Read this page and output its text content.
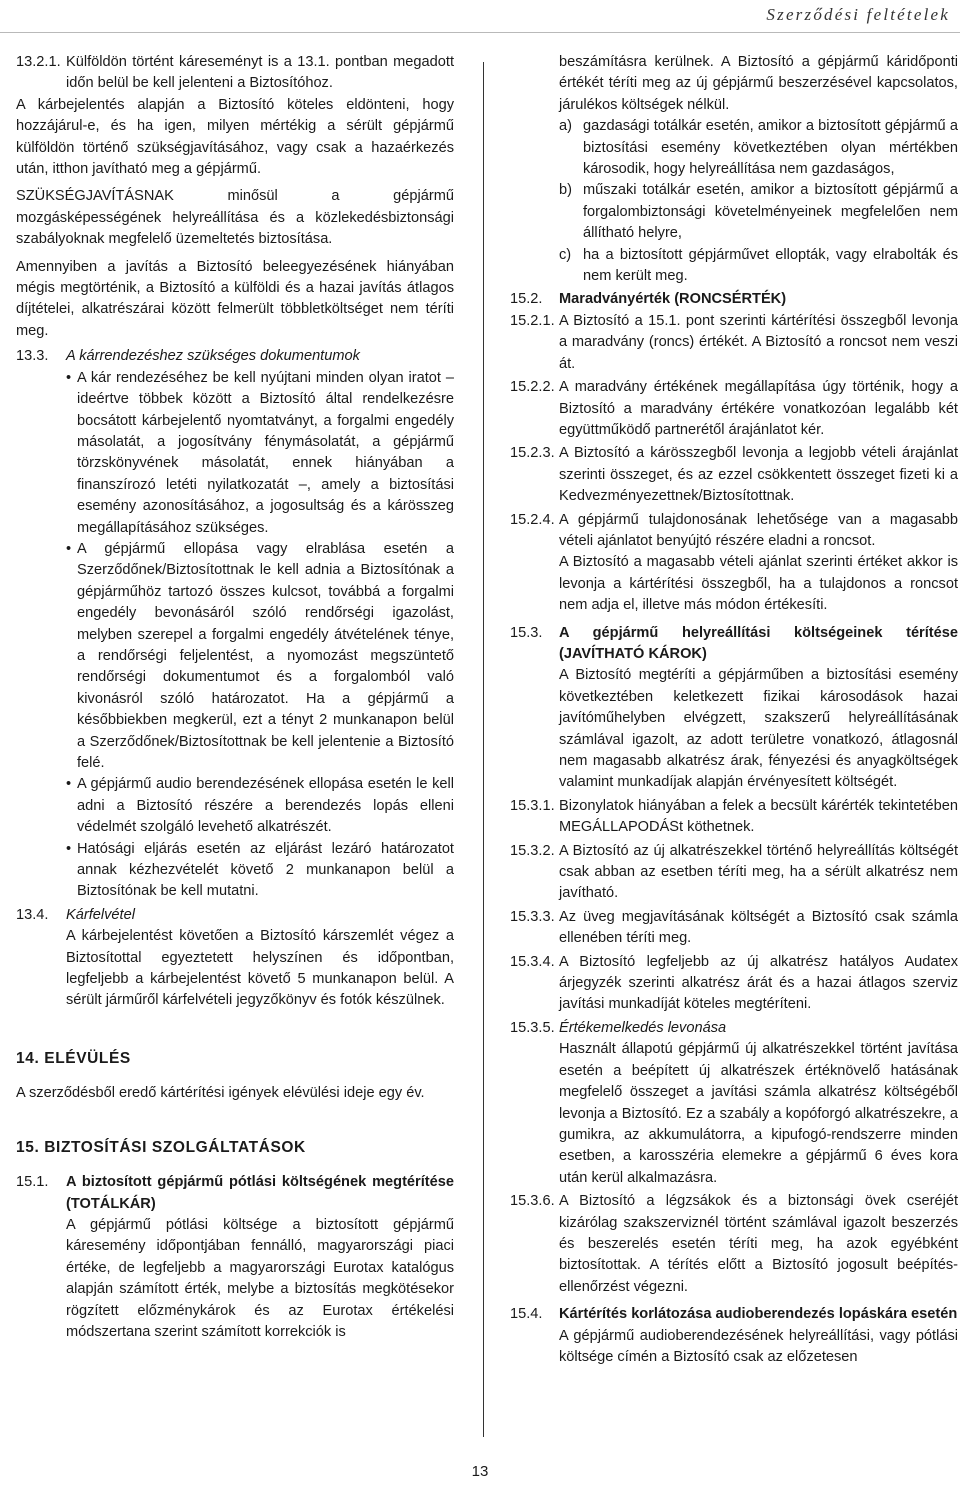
Szerződési feltételek
13.2.1. Külföldön történt káreseményt is a 13.1. pontban megadott időn belül be kell jelenteni a Biztosítóhoz.

A kárbejelentés alapján a Biztosító köteles eldönteni, hogy hozzájárul-e, és ha igen, milyen mértékig a sérült gépjármű külföldön történő szükségjavításához, vagy csak a hazaérkezés után, itthon javítható meg a gépjármű.

SZÜKSÉGJAVÍTÁSNAK minősül a gépjármű mozgásképességének helyreállítása és a közlekedésbiztonsági szabályoknak megfelelő üzemeltetés biztosítása.

Amennyiben a javítás a Biztosító beleegyezésének hiányában mégis megtörténik, a Biztosító a külföldi és a hazai javítás átlagos díjtételei, alkatrészárai között felmerült többletköltséget nem téríti meg.

13.3.	A kárrendezéshez szükséges dokumentumok

• A kár rendezéséhez be kell nyújtani minden olyan iratot – ideértve többek között a Biztosító által rendelkezésre bocsátott kárbejelentő nyomtatványt, a forgalmi engedély másolatát, a jogosítvány fénymásolatát, a gépjármű törzskönyvének másolatát, ennek hiányában a finanszírozó letéti nyilatkozatát –, amely a biztosítási esemény azonosításához, a jogosultság és a kárösszeg megállapításához szükséges.
• A gépjármű ellopása vagy elrablása esetén a Szerződőnek/Biztosítottnak le kell adnia a Biztosítónak a gépjárműhöz tartozó összes kulcsot, továbbá a forgalmi engedély bevonásáról szóló rendőrségi igazolást, melyben szerepel a forgalmi engedély átvételének ténye, a rendőrségi feljelentést, a nyomozást megszüntető rendőrségi dokumentumot és a forgalomból való kivonásról szóló határozatot. Ha a gépjármű a későbbiekben megkerül, ezt a tényt 2 munkanapon belül a Szerződőnek/Biztosítottnak be kell jelentenie a Biztosító felé.
• A gépjármű audio berendezésének ellopása esetén le kell adni a Biztosító részére a berendezés lopás elleni védelmét szolgáló levehető alkatrészét.
• Hatósági eljárás esetén az eljárást lezáró határozatot annak kézhezvételét követő 2 munkanapon belül a Biztosítónak be kell mutatni.
13.4.	Kárfelvétel

A kárbejelentést követően a Biztosító kárszemlét végez a Biztosítottal egyeztetett helyszínen és időpontban, legfeljebb a kárbejelentést követő 5 munkanapon belül. A sérült járműről kárfelvételi jegyzőkönyv és fotók készülnek.

14. ELÉVÜLÉS

A szerződésből eredő kártérítési igények elévülési ideje egy év.

15. BIZTOSÍTÁSI SZOLGÁLTATÁSOK

15.1.	A biztosított gépjármű pótlási költségének megtérítése (TOTÁLKÁR)

A gépjármű pótlási költsége a biztosított gépjármű káresemény időpontjában fennálló, magyarországi piaci értéke, de legfeljebb a magyarországi Eurotax katalógus alapján számított érték, melybe a biztosítás megkötésekor rögzített előzménykárok és az Eurotax értékelési módszertana szerint számított korrekciók is

beszámításra kerülnek. A Biztosító a gépjármű káridőponti értékét téríti meg az új gépjármű beszerzésével kapcsolatos, járulékos költségek nélkül.

a) gazdasági totálkár esetén, amikor a biztosított gépjármű a biztosítási esemény következtében olyan mértékben károsodik, hogy helyreállítása nem gazdaságos,
b) műszaki totálkár esetén, amikor a biztosított gépjármű a forgalombiztonsági követelményeinek megfelelően nem állítható helyre,
c) ha a biztosított gépjárművet ellopták, vagy elrabolták és nem került meg.
15.2.	Maradványérték (RONCSÉRTÉK)

15.2.1. A Biztosító a 15.1. pont szerinti kártérítési összegből levonja a maradvány (roncs) értékét. A Biztosító a roncsot nem veszi át.

15.2.2. A maradvány értékének megállapítása úgy történik, hogy a Biztosító a maradvány értékére vonatkozóan legalább két együttműködő partnerétől árajánlatot kér.

15.2.3. A Biztosító a kárösszegből levonja a legjobb vételi árajánlat szerinti összeget, és az ezzel csökkentett összeget fizeti ki a Kedvezményezettnek/Biztosítottnak.

15.2.4. A gépjármű tulajdonosának lehetősége van a magasabb vételi ajánlatot benyújtó részére eladni a roncsot.

A Biztosító a magasabb vételi ajánlat szerinti értéket akkor is levonja a kártérítési összegből, ha a tulajdonos a roncsot nem adja el, illetve más módon értékesíti.

15.3.	A gépjármű helyreállítási költségeinek térítése (JAVÍTHATÓ KÁROK)

A Biztosító megtéríti a gépjárműben a biztosítási esemény következtében keletkezett fizikai károsodások hazai javítóműhelyben elvégzett, szakszerű helyreállításának számlával igazolt, az adott területre vonatkozó, átlagosnál nem magasabb alkatrész árak, fényezési és anyagköltségek valamint munkadíjak alapján érvényesített költségét.

15.3.1. Bizonylatok hiányában a felek a becsült kárérték tekintetében MEGÁLLAPODÁSt köthetnek.

15.3.2. A Biztosító az új alkatrészekkel történő helyreállítás költségét csak abban az esetben téríti meg, ha a sérült alkatrész nem javítható.

15.3.3. Az üveg megjavításának költségét a Biztosító csak számla ellenében téríti meg.

15.3.4. A Biztosító legfeljebb az új alkatrész hatályos Audatex árjegyzék szerinti alkatrész árát és a hazai átlagos szerviz javítási munkadíját köteles megtéríteni.

15.3.5. Értékemelkedés levonása

Használt állapotú gépjármű új alkatrészekkel történt javítása esetén a beépített új alkatrészek értéknövelő hatásának megfelelő összeget a javítási számla alkatrész költségéből levonja a Biztosító. Ez a szabály a kopóforgó alkatrészekre, a gumikra, az akkumulátorra, a kipufogó-rendszerre minden esetben, a karosszéria elemekre a gépjármű 6 éves kora után kerül alkalmazásra.

15.3.6. A Biztosító a légzsákok és a biztonsági övek cseréjét kizárólag szakszerviznél történt számlával igazolt beszerzés és beszerelés esetén téríti meg, ha azok egyébként biztosítottak. A térítés előtt a Biztosító jogosult beépítés-ellenőrzést végezni.

15.4.	Kártérítés korlátozása audioberendezés lopáskára esetén

A gépjármű audioberendezésének helyreállítási, vagy pótlási költsége címén a Biztosító csak az előzetesen

13
